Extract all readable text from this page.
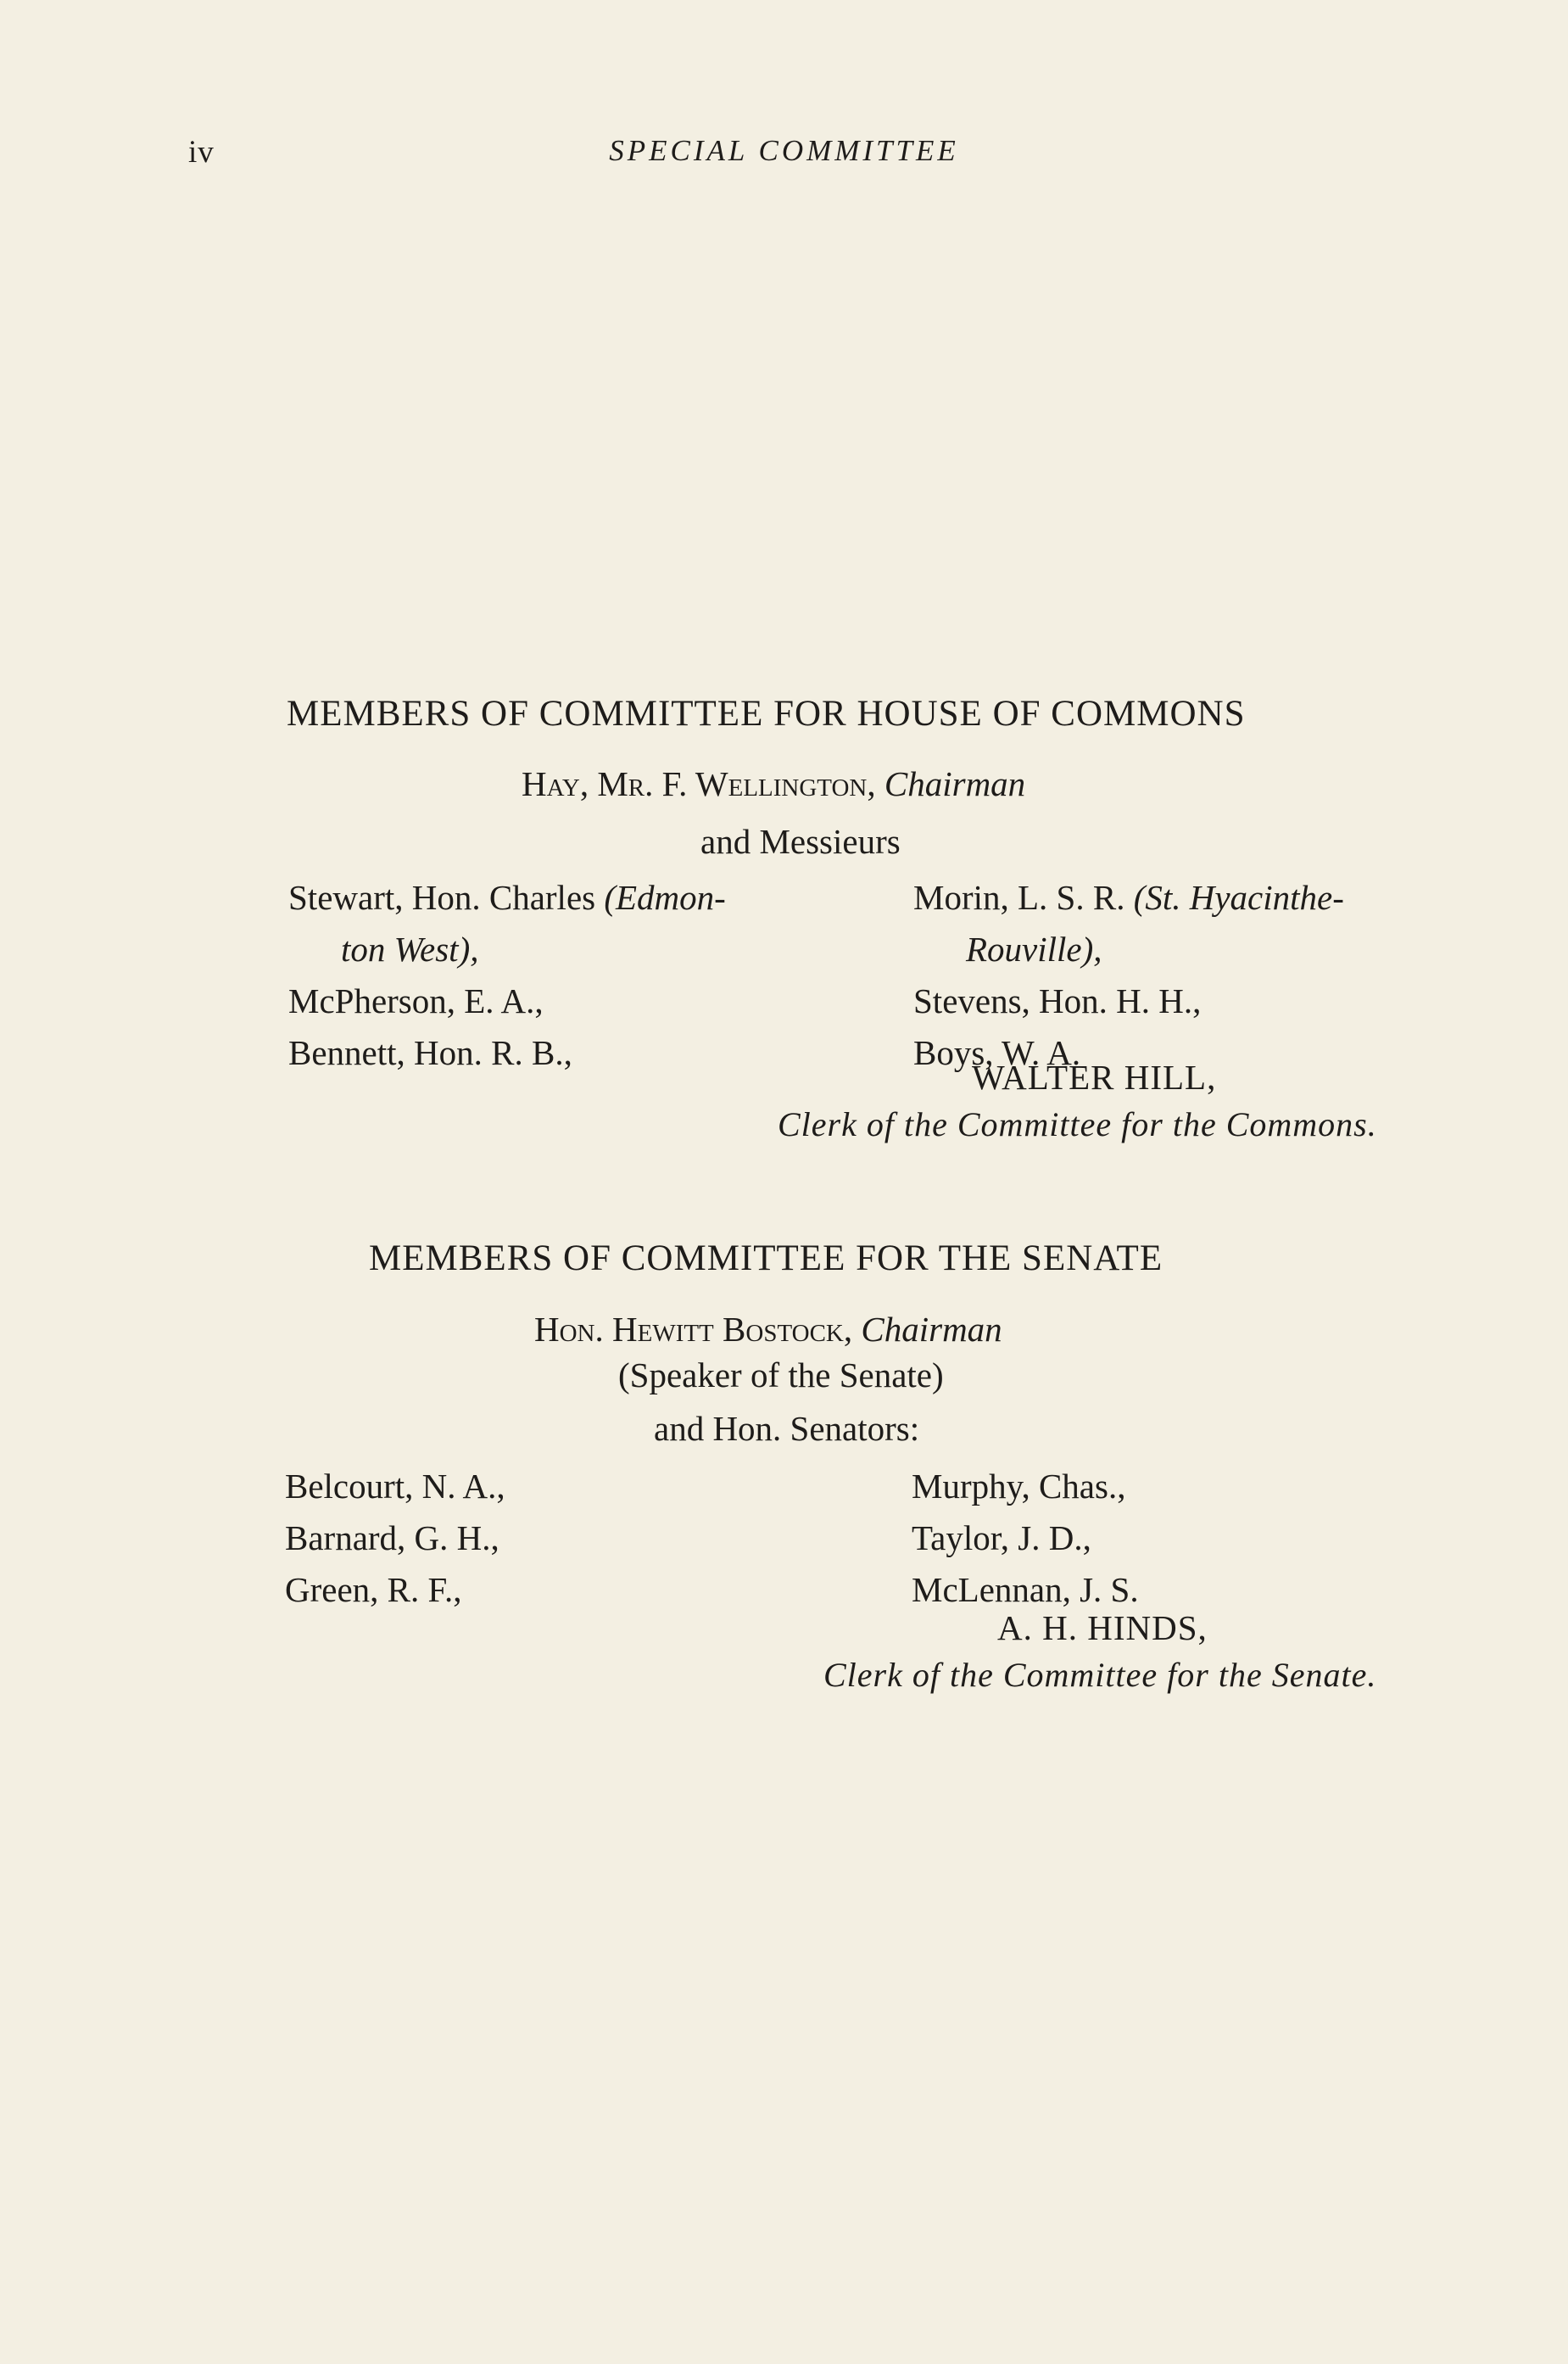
iv	SPECIAL COMMITTEE
MEMBERS OF COMMITTEE FOR HOUSE OF COMMONS
Hay, Mr. F. Wellington, Chairman
and Messieurs
Stewart, Hon. Charles (Edmon-
ton West),
McPherson, E. A.,
Bennett, Hon. R. B.,
Morin, L. S. R. (St. Hyacinthe-
Rouville),
Stevens, Hon. H. H.,
Boys, W. A.
WALTER HILL,
Clerk of the Committee for the Commons.
MEMBERS OF COMMITTEE FOR THE SENATE
Hon. Hewitt Bostock, Chairman
(Speaker of the Senate)
and Hon. Senators:
Belcourt, N. A.,
Barnard, G. H.,
Green, R. F.,
Murphy, Chas.,
Taylor, J. D.,
McLennan, J. S.
A. H. HINDS,
Clerk of the Committee for the Senate.
